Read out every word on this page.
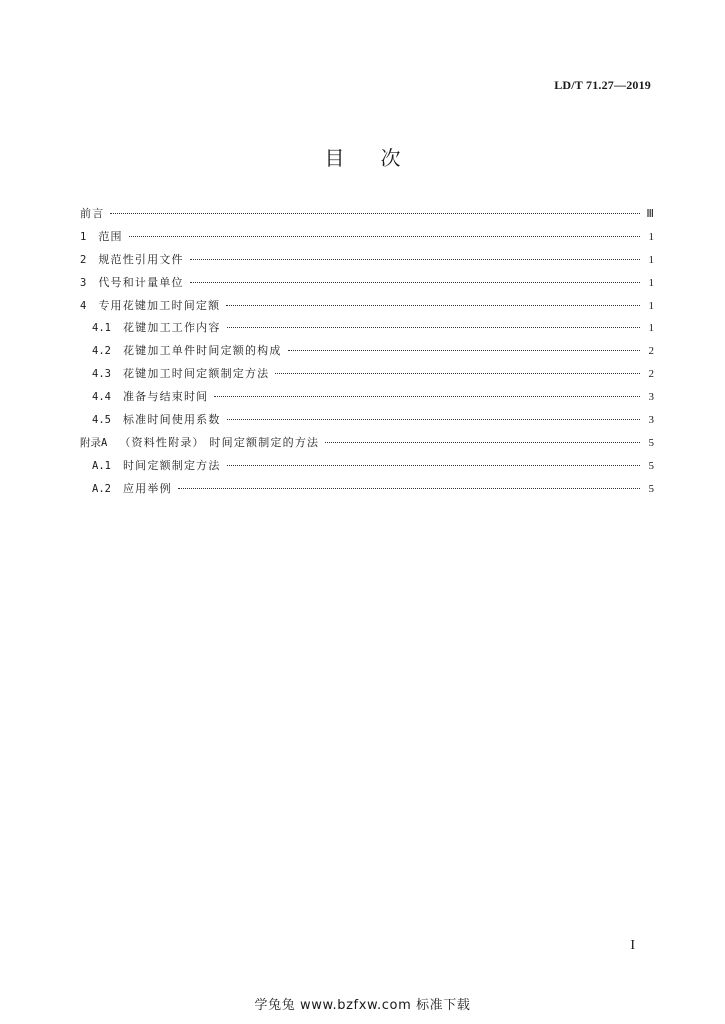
LD/T 71.27—2019
目次
前言	Ⅲ
1 范围	1
2 规范性引用文件	1
3 代号和计量单位	1
4 专用花键加工时间定额	1
4.1 花键加工工作内容	1
4.2 花键加工单件时间定额的构成	2
4.3 花键加工时间定额制定方法	2
4.4 准备与结束时间	3
4.5 标准时间使用系数	3
附录A （资料性附录） 时间定额制定的方法	5
A.1 时间定额制定方法	5
A.2 应用举例	5
I
学兔兔 www.bzfxw.com 标准下载
